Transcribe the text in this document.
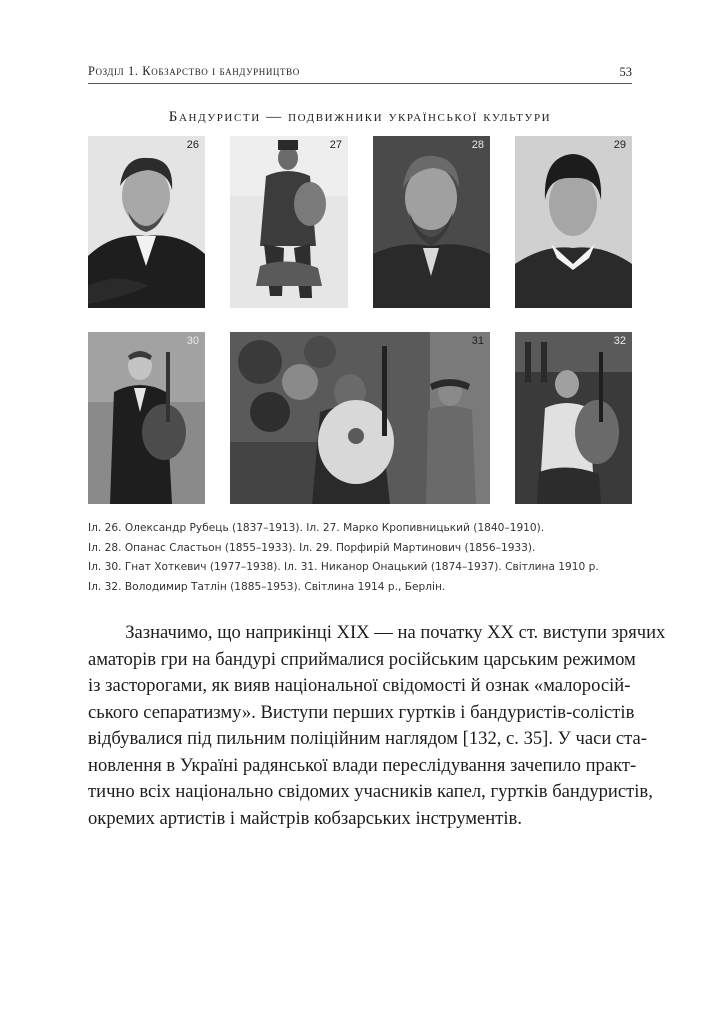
Розділ 1. Кобзарство і бандурництво	53
Бандуристи — подвижники української культури
26	27	28	29
30	31	32
Іл. 26. Олександр Рубець (1837–1913). Іл. 27. Марко Кропивницький (1840–1910).
Іл. 28. Опанас Сластьон (1855–1933). Іл. 29. Порфирій Мартинович (1856–1933).
Іл. 30. Гнат Хоткевич (1977–1938). Іл. 31. Никанор Онацький (1874–1937). Світлина 1910 р.
Іл. 32. Володимир Татлін (1885–1953). Світлина 1914 р., Берлін.
Зазначимо, що наприкінці XIX — на початку XX ст. виступи зрячих
аматорів гри на бандурі сприймалися російським царським режимом
із засторогами, як вияв національної свідомості й ознак «малоросій-
ського сепаратизму». Виступи перших гуртків і бандуристів-солістів
відбувалися під пильним поліційним наглядом [132, с. 35]. У часи ста-
новлення в Україні радянської влади переслідування зачепило практ-
тично всіх національно свідомих учасників капел, гуртків бандуристів,
окремих артистів і майстрів кобзарських інструментів.
